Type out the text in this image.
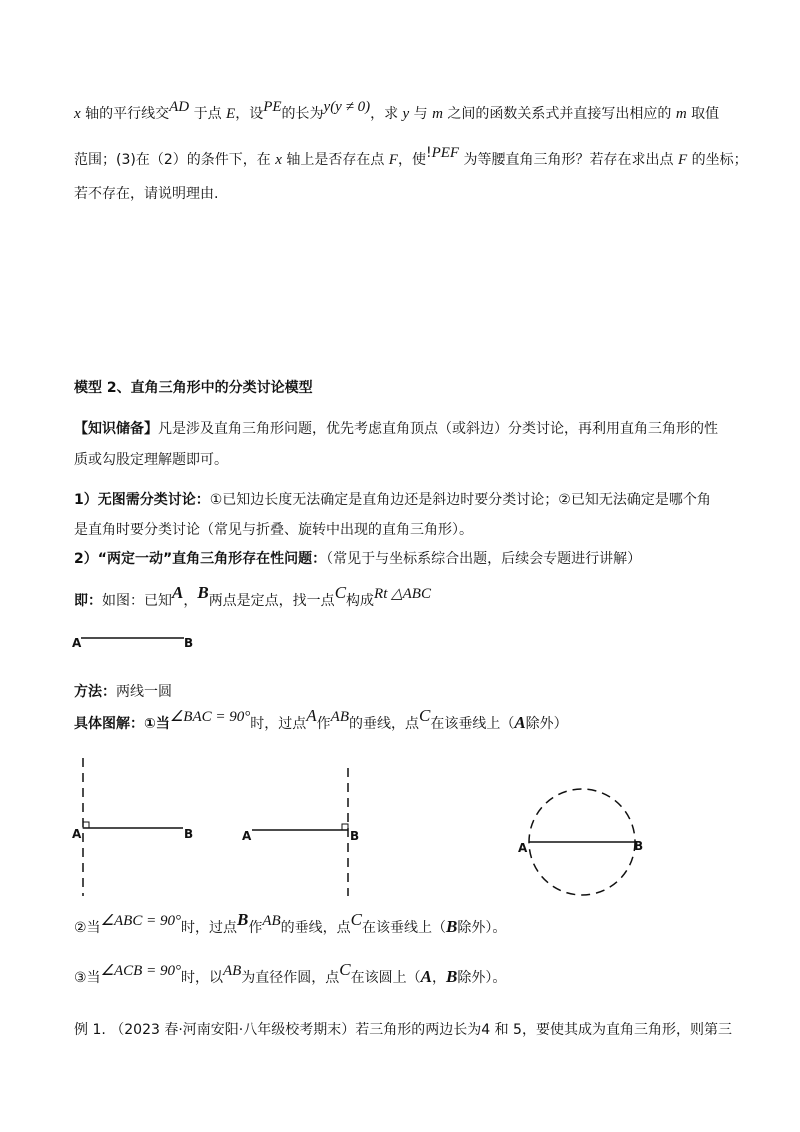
x 轴的平行线交AD 于点 E，设PE的长为y(y ≠ 0)，求 y 与 m 之间的函数关系式并直接写出相应的 m 取值
范围；(3)在（2）的条件下，在 x 轴上是否存在点 F，使!PEF 为等腰直角三角形？若存在求出点 F 的坐标；
若不存在，请说明理由.
模型 2、直角三角形中的分类讨论模型
【知识储备】凡是涉及直角三角形问题，优先考虑直角顶点（或斜边）分类讨论，再利用直角三角形的性
质或勾股定理解题即可。
1）无图需分类讨论：①已知边长度无法确定是直角边还是斜边时要分类讨论；②已知无法确定是哪个角
是直角时要分类讨论（常见与折叠、旋转中出现的直角三角形）。
2）“两定一动”直角三角形存在性问题：（常见于与坐标系综合出题，后续会专题进行讲解）
即：如图：已知A，B两点是定点，找一点C构成Rt △ABC
A	B
方法：两线一圆
具体图解：①当∠BAC = 90°时，过点A作AB的垂线，点C在该垂线上（A除外）
A	B	A	B
A	B
②当∠ABC = 90°时，过点B作AB的垂线，点C在该垂线上（B除外）。
③当∠ACB = 90°时，以AB为直径作圆，点C在该圆上（A，B除外）。
例 1. （2023 春·河南安阳·八年级校考期末）若三角形的两边长为4 和 5，要使其成为直角三角形，则第三
